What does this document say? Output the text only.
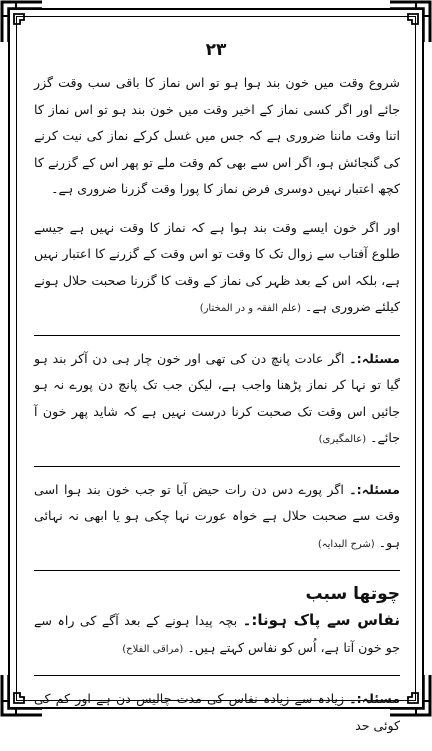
۲۳

شروع وقت میں خون بند ہوا ہو تو اس نماز کا باقی سب وقت گزر جائے اور اگر کسی نماز کے اخیر وقت میں خون بند ہو تو اس نماز کا اتنا وقت ماننا ضروری ہے کہ جس میں غسل کرکے نماز کی نیت کرنے کی گنجائش ہو، اگر اس سے بھی کم وقت ملے تو پھر اس کے گزرنے کا کچھ اعتبار نہیں دوسری فرض نماز کا پورا وقت گزرنا ضروری ہے۔

اور اگر خون ایسے وقت بند ہوا ہے کہ نماز کا وقت نہیں ہے جیسے طلوع آفتاب سے زوال تک کا وقت تو اس وقت کے گزرنے کا اعتبار نہیں ہے، بلکہ اس کے بعد ظہر کی نماز کے وقت کا گزرنا صحبت حلال ہونے کیلئے ضروری ہے۔ (علم الفقہ و در المختار)

مسئلہ:۔ اگر عادت پانچ دن کی تھی اور خون چار ہی دن آکر بند ہو گیا تو نہا کر نماز پڑھنا واجب ہے، لیکن جب تک پانچ دن پورے نہ ہو جائیں اس وقت تک صحبت کرنا درست نہیں ہے کہ شاید پھر خون آ جائے۔ (عالمگیری)

مسئلہ:۔ اگر پورے دس دن رات حیض آیا تو جب خون بند ہوا اسی وقت سے صحبت حلال ہے خواہ عورت نہا چکی ہو یا ابھی نہ نہائی ہو۔ (شرح البدایہ)

چوتھا سبب

نفاس سے پاک ہونا:۔ بچہ پیدا ہونے کے بعد آگے کی راہ سے جو خون آتا ہے، اُس کو نفاس کہتے ہیں۔ (مراقی الفلاح)

مسئلہ:۔ زیادہ سے زیادہ نفاس کی مدت چالیس دن ہے اور کم کی کوئی حد
